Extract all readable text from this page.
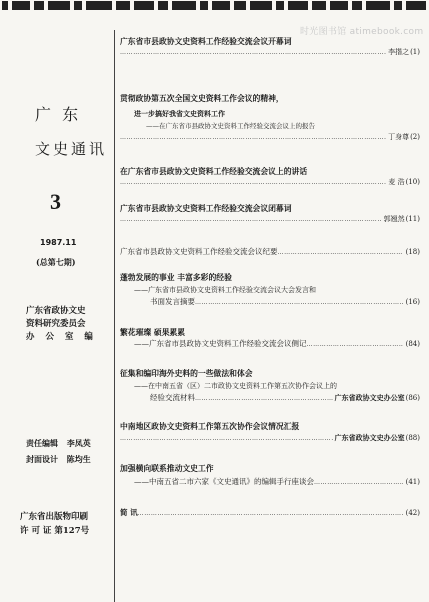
时光图书馆 atimebook.com
广 东
文史通讯
3
1987.11
(总第七期)
广东省政协文史
资料研究委员会
办 公 室 编
责任编辑 李凤英
封面设计 陈均生
广东省出版物印刷
许 可 证 第127号
广东省市县政协文史资料工作经验交流会议开幕词
……………………………………………………………………………………………………………………
李揩之 (1)
贯彻政协第五次全国文史资料工作会议的精神，
进一步搞好我省文史资料工作
——在广东省市县政协文史资料工作经验交流会议上的报告
……………………………………………………………………………………………………………………
丁身尊 (2)
在广东省市县政协文史资料工作经验交流会议上的讲话
……………………………………………………………………………………………………………………
麦 浩 (10)
广东省市县政协文史资料工作经验交流会议闭幕词
……………………………………………………………………………………………………………………
郭翘然 (11)
广东省市县政协文史资料工作经验交流会议纪要 ……………………………………………………………………………………………………………………	(18)
蓬勃发展的事业 丰富多彩的经验
——广东省市县政协文史资料工作经验交流会议大会发言和
书面发言摘要 ……………………………………………………………………………………………………………………	(16)
繁花璀璨 硕果累累
——广东省市县政协文史资料工作经验交流会议侧记 ……………………………………………………………………………………………………………………	(84)
征集和编印海外史料的一些做法和体会
——在中南五省（区）二市政协文史资料工作第五次协作会议上的
经验交流材料 ……………………………………………………………………………………………………………………	广东省政协文史办公室 (86)
中南地区政协文史资料工作第五次协作会议情况汇报
……………………………………………………………………………………………………………………
广东省政协文史办公室 (88)
加强横向联系推动文史工作
——中南五省二市六家《文史通讯》的编辑手行座谈会 ……………………………………………………………………………………………………………………	(41)
简 讯 ……………………………………………………………………………………………………………………	(42)
